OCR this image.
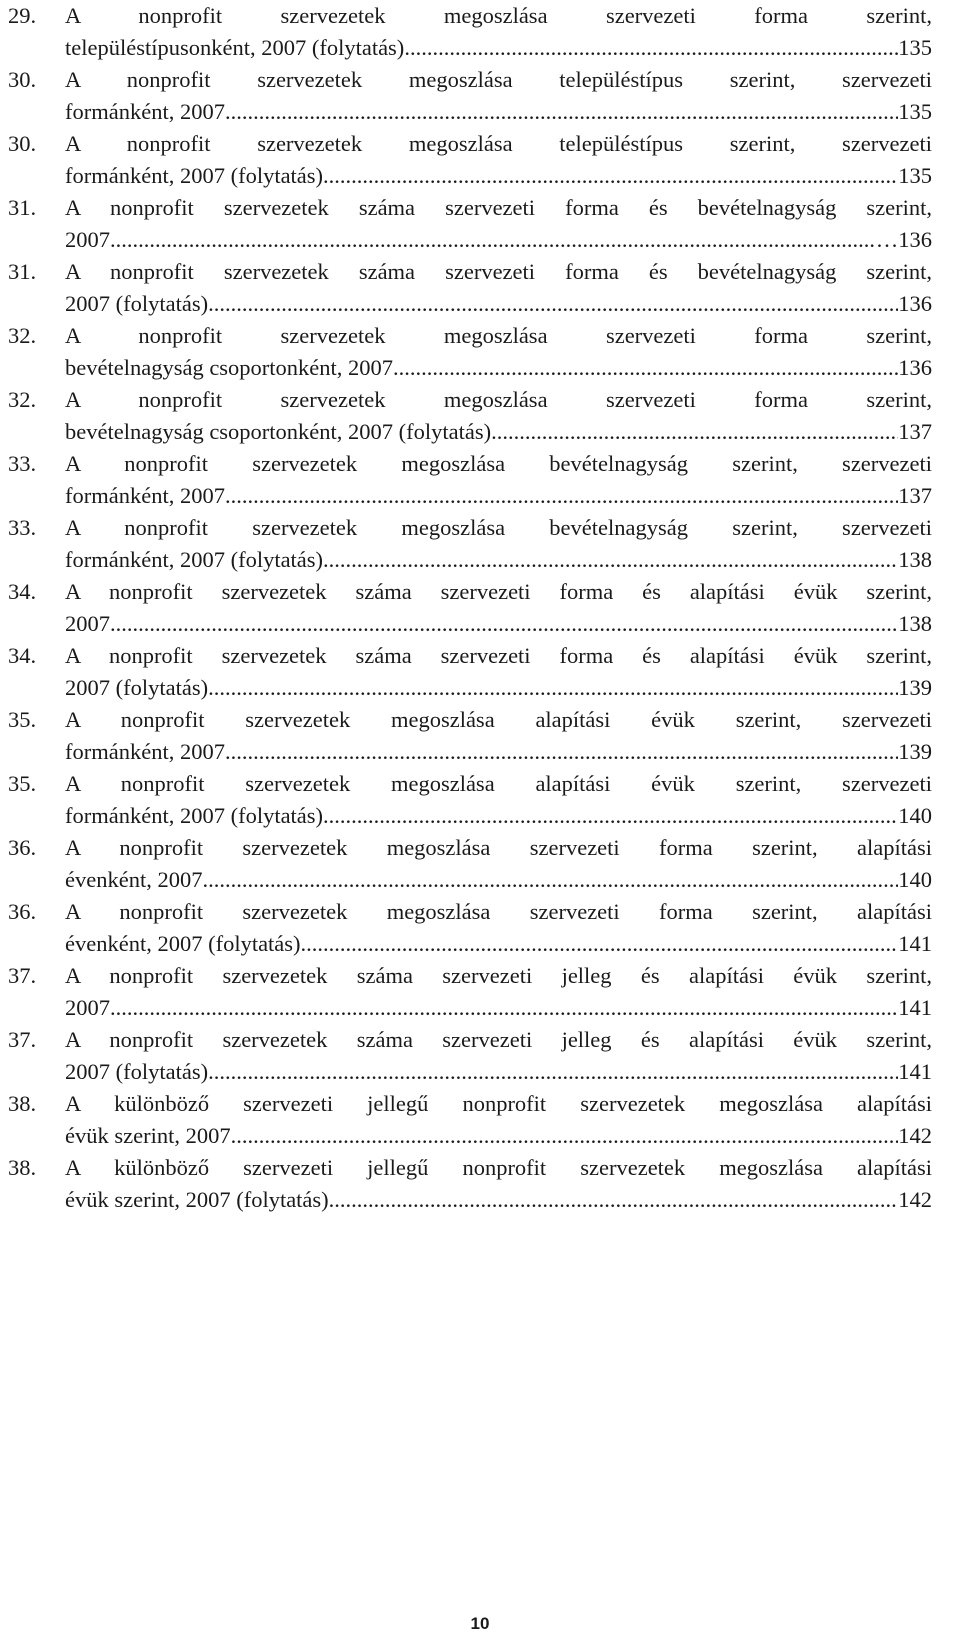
29.	A nonprofit szervezetek megoszlása szervezeti forma szerint,
településtípusonként, 2007 (folytatás) .....	135
30.	A nonprofit szervezetek megoszlása településtípus szerint, szervezeti
formánként, 2007. .....	135
30.	A nonprofit szervezetek megoszlása településtípus szerint, szervezeti
formánként, 2007 (folytatás) .....	135
31.	A nonprofit szervezetek száma szervezeti forma és bevételnagyság szerint,
2007. .....	…136
31.	A nonprofit szervezetek száma szervezeti forma és bevételnagyság szerint,
2007 (folytatás) .....	136
32.	A nonprofit szervezetek megoszlása szervezeti forma szerint,
bevételnagyság csoportonként, 2007 .....	136
32.	A nonprofit szervezetek megoszlása szervezeti forma szerint,
bevételnagyság csoportonként, 2007 (folytatás) .....	137
33.	A nonprofit szervezetek megoszlása bevételnagyság szerint, szervezeti
formánként, 2007 .....	137
33.	A nonprofit szervezetek megoszlása bevételnagyság szerint, szervezeti
formánként, 2007 (folytatás) .....	138
34.	A nonprofit szervezetek száma szervezeti forma és alapítási évük szerint,
2007. .....	138
34.	A nonprofit szervezetek száma szervezeti forma és alapítási évük szerint,
2007 (folytatás) .....	139
35.	A nonprofit szervezetek megoszlása alapítási évük szerint, szervezeti
formánként, 2007 .....	139
35.	A nonprofit szervezetek megoszlása alapítási évük szerint, szervezeti
formánként, 2007 (folytatás) .....	140
36.	A nonprofit szervezetek megoszlása szervezeti forma szerint, alapítási
évenként, 2007 .....	140
36.	A nonprofit szervezetek megoszlása szervezeti forma szerint, alapítási
évenként, 2007 (folytatás) .....	141
37.	A nonprofit szervezetek száma szervezeti jelleg és alapítási évük szerint,
2007. .....	141
37.	A nonprofit szervezetek száma szervezeti jelleg és alapítási évük szerint,
2007 (folytatás) .....	141
38.	A különböző szervezeti jellegű nonprofit szervezetek megoszlása alapítási
évük szerint, 2007 .....	142
38.	A különböző szervezeti jellegű nonprofit szervezetek megoszlása alapítási
évük szerint, 2007 (folytatás) .....	142
10
